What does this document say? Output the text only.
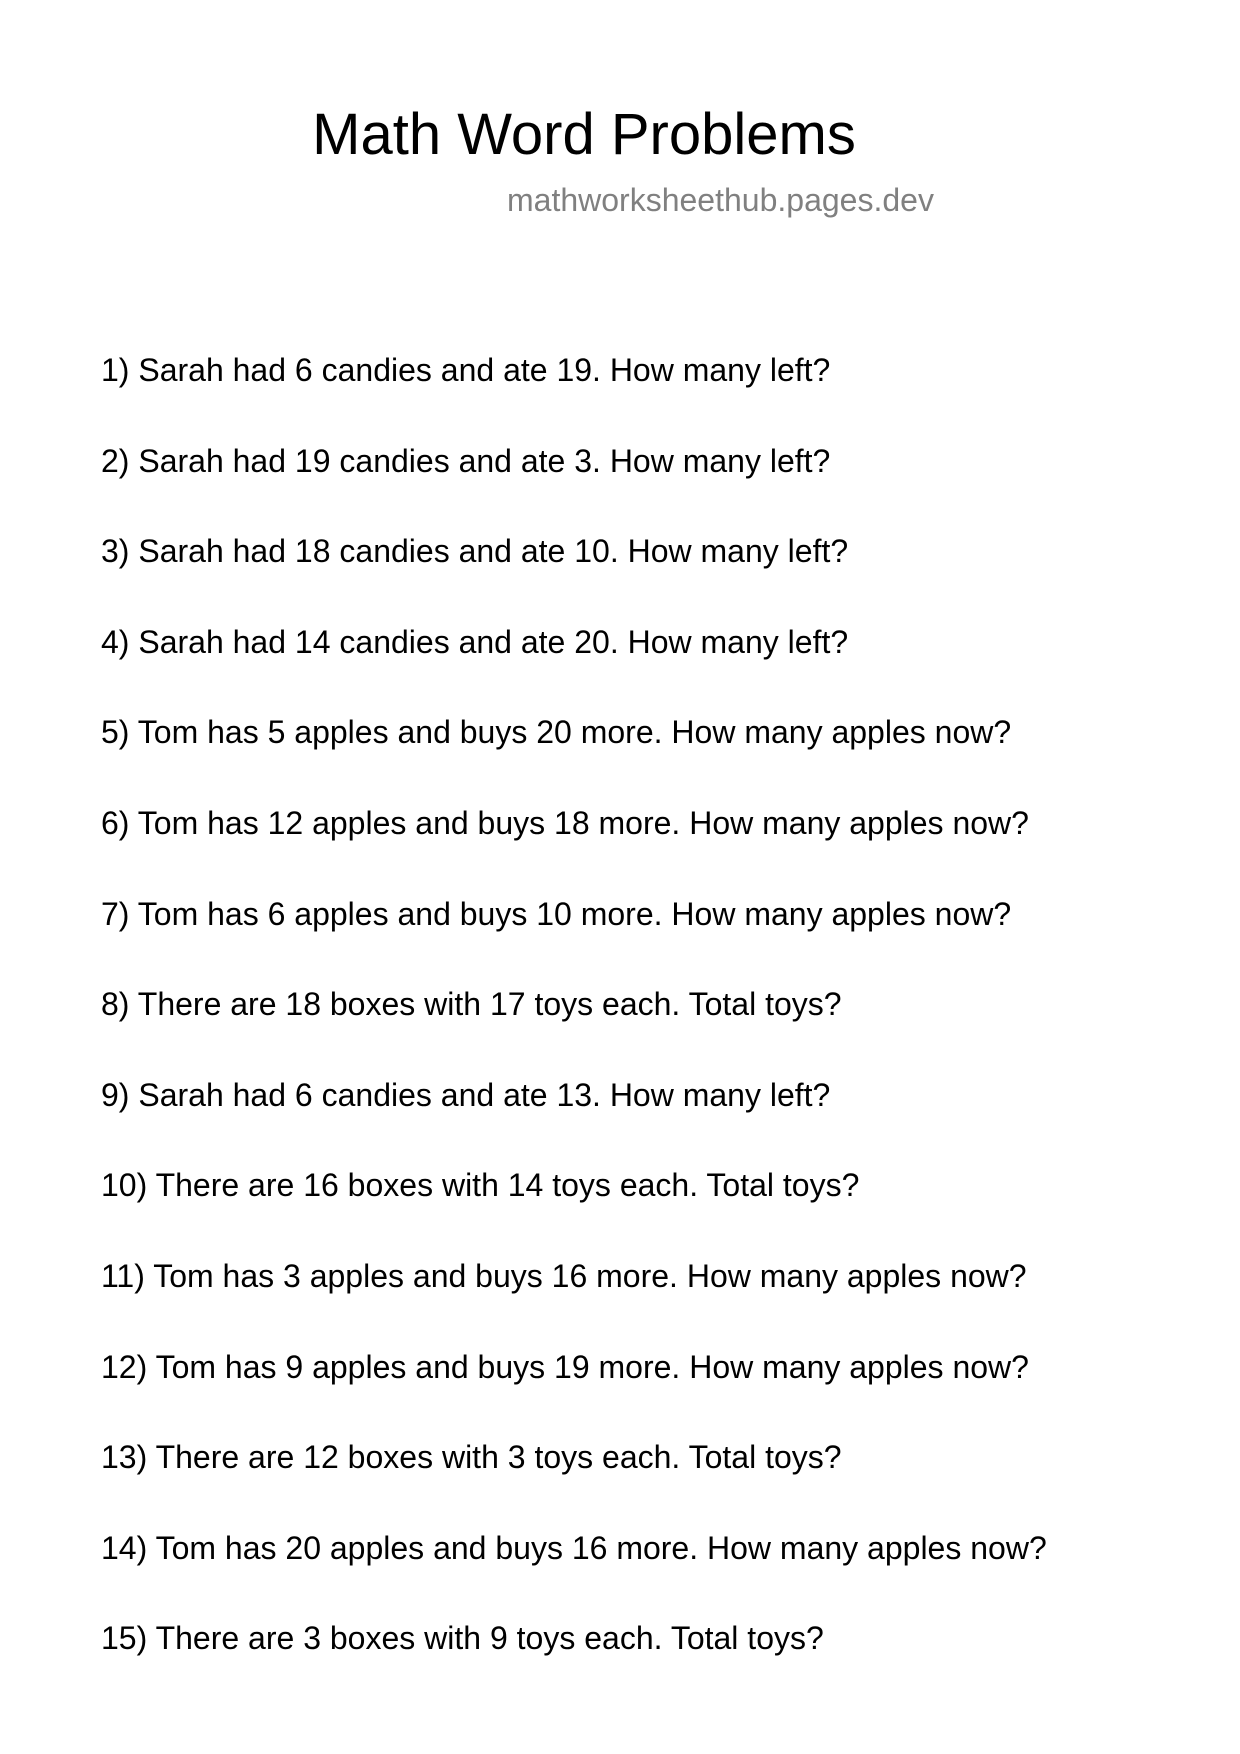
Math Word Problems
mathworksheethub.pages.dev
1) Sarah had 6 candies and ate 19. How many left?
2) Sarah had 19 candies and ate 3. How many left?
3) Sarah had 18 candies and ate 10. How many left?
4) Sarah had 14 candies and ate 20. How many left?
5) Tom has 5 apples and buys 20 more. How many apples now?
6) Tom has 12 apples and buys 18 more. How many apples now?
7) Tom has 6 apples and buys 10 more. How many apples now?
8) There are 18 boxes with 17 toys each. Total toys?
9) Sarah had 6 candies and ate 13. How many left?
10) There are 16 boxes with 14 toys each. Total toys?
11) Tom has 3 apples and buys 16 more. How many apples now?
12) Tom has 9 apples and buys 19 more. How many apples now?
13) There are 12 boxes with 3 toys each. Total toys?
14) Tom has 20 apples and buys 16 more. How many apples now?
15) There are 3 boxes with 9 toys each. Total toys?
